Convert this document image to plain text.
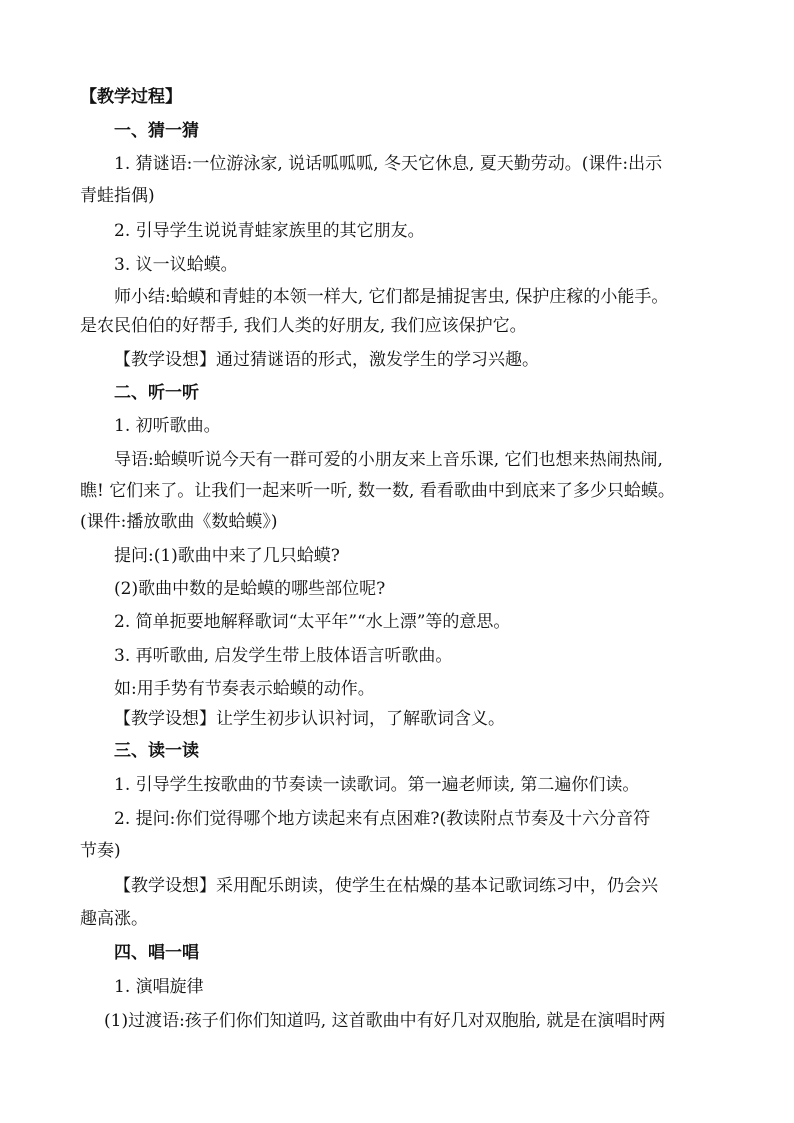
【教学过程】
一、猜一猜
1. 猜谜语:一位游泳家, 说话呱呱呱, 冬天它休息, 夏天勤劳动。(课件:出示
青蛙指偶)
2. 引导学生说说青蛙家族里的其它朋友。
3. 议一议蛤蟆。
师小结:蛤蟆和青蛙的本领一样大, 它们都是捕捉害虫, 保护庄稼的小能手。
是农民伯伯的好帮手, 我们人类的好朋友, 我们应该保护它。
【教学设想】通过猜谜语的形式，激发学生的学习兴趣。
二、听一听
1. 初听歌曲。
导语:蛤蟆听说今天有一群可爱的小朋友来上音乐课, 它们也想来热闹热闹,
瞧! 它们来了。让我们一起来听一听, 数一数, 看看歌曲中到底来了多少只蛤蟆。
(课件:播放歌曲《数蛤蟆》)
提问:(1)歌曲中来了几只蛤蟆?
(2)歌曲中数的是蛤蟆的哪些部位呢?
2. 简单扼要地解释歌词“太平年”“水上漂”等的意思。
3. 再听歌曲, 启发学生带上肢体语言听歌曲。
如:用手势有节奏表示蛤蟆的动作。
【教学设想】让学生初步认识衬词，了解歌词含义。
三、读一读
1. 引导学生按歌曲的节奏读一读歌词。第一遍老师读, 第二遍你们读。
2. 提问:你们觉得哪个地方读起来有点困难?(教读附点节奏及十六分音符
节奏)
【教学设想】采用配乐朗读，使学生在枯燥的基本记歌词练习中，仍会兴
趣高涨。
四、唱一唱
1. 演唱旋律
(1)过渡语:孩子们你们知道吗, 这首歌曲中有好几对双胞胎, 就是在演唱时两
